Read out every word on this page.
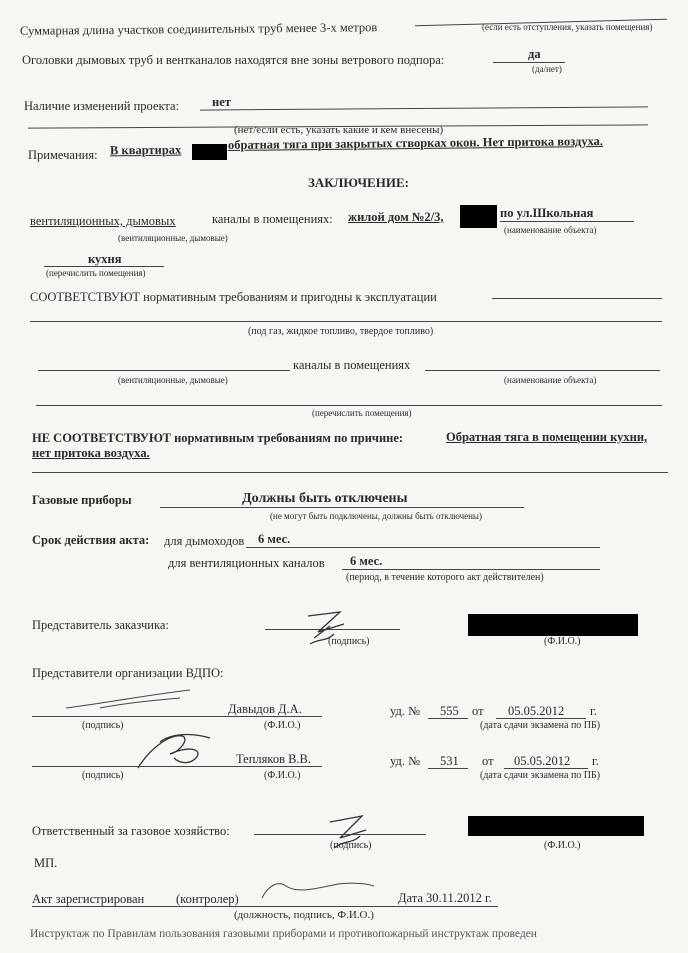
Суммарная длина участков соединительных труб менее 3-х метров	(если есть отступления, указать помещения)
Оголовки дымовых труб и вентканалов находятся вне зоны ветрового подпора:	да
(да/нет)
Наличие изменений проекта:	нет
(нет/если есть, указать какие и кем внесены)
Примечания: В квартирах	обратная тяга при закрытых створках окон. Нет притока воздуха.
ЗАКЛЮЧЕНИЕ:
вентиляционных, дымовых	каналы в помещениях: жилой дом №2/3,	по ул.Школьная
(вентиляционные, дымовые)
(наименование объекта)
кухня
(перечислить помещения)
СООТВЕТСТВУЮТ нормативным требованиям и пригодны к эксплуатации
(под газ, жидкое топливо, твердое топливо)
каналы в помещениях
(вентиляционные, дымовые)	(наименование объекта)
(перечислить помещения)
НЕ СООТВЕТСТВУЮТ нормативным требованиям по причине:	Обратная тяга в помещении кухни,
нет притока воздуха.
Газовые приборы	Должны быть отключены
(не могут быть подключены, должны быть отключены)
Срок действия акта: для дымоходов 6 мес.
для вентиляционных каналов 6 мес.
(период, в течение которого акт действителен)
Представитель заказчика:
(подпись)	(Ф.И.О.)
Представители организации ВДПО:
Давыдов Д.А.
(подпись)	(Ф.И.О.)
уд. № 555 от 05.05.2012 г.
(дата сдачи экзамена по ПБ)
Тепляков В.В.
(подпись)	(Ф.И.О.)
уд. № 531 от 05.05.2012 г.
(дата сдачи экзамена по ПБ)
Ответственный за газовое хозяйство:
(подпись)	(Ф.И.О.)
МП.
Акт зарегистрирован	(контролер)	Дата 30.11.2012 г.
(должность, подпись, Ф.И.О.)
Инструктаж по Правилам пользования газовыми приборами и противопожарный инструктаж проведен
